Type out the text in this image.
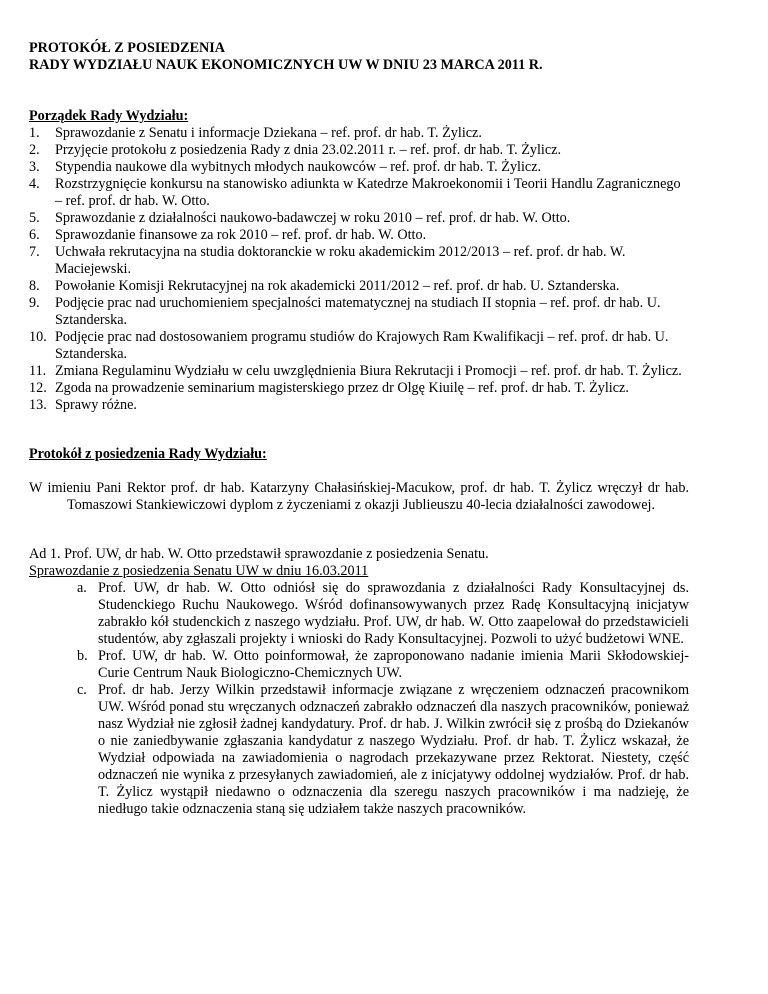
PROTOKÓŁ Z POSIEDZENIA

RADY WYDZIAŁU NAUK EKONOMICZNYCH UW W DNIU 23 MARCA 2011 R.

Porządek Rady Wydziału:

1.	Sprawozdanie z Senatu i informacje Dziekana – ref. prof. dr hab. T. Żylicz.
2.	Przyjęcie protokołu z posiedzenia Rady z dnia 23.02.2011 r. – ref. prof. dr hab. T. Żylicz.
3.	Stypendia naukowe dla wybitnych młodych naukowców – ref. prof. dr hab. T. Żylicz.
4.	Rozstrzygnięcie konkursu na stanowisko adiunkta w Katedrze Makroekonomii i Teorii Handlu Zagranicznego – ref. prof. dr hab. W. Otto.
5.	Sprawozdanie z działalności naukowo-badawczej w roku 2010 – ref. prof. dr hab. W. Otto.
6.	Sprawozdanie finansowe za rok 2010 – ref. prof. dr hab. W. Otto.
7.	Uchwała rekrutacyjna na studia doktoranckie w roku akademickim 2012/2013 – ref. prof. dr hab. W. Maciejewski.
8.	Powołanie Komisji Rekrutacyjnej na rok akademicki 2011/2012 – ref. prof. dr hab. U. Sztanderska.
9.	Podjęcie prac nad uruchomieniem specjalności matematycznej na studiach II stopnia – ref. prof. dr hab. U. Sztanderska.
10. Podjęcie prac nad dostosowaniem programu studiów do Krajowych Ram Kwalifikacji – ref. prof. dr hab. U. Sztanderska.
11. Zmiana Regulaminu Wydziału w celu uwzględnienia Biura Rekrutacji i Promocji – ref. prof. dr hab. T. Żylicz.
12. Zgoda na prowadzenie seminarium magisterskiego przez dr Olgę Kiuilę – ref. prof. dr hab. T. Żylicz.
13. Sprawy różne.

Protokół z posiedzenia Rady Wydziału:

W imieniu Pani Rektor prof. dr hab. Katarzyny Chałasińskiej-Macukow, prof. dr hab. T. Żylicz wręczył dr hab. Tomaszowi Stankiewiczowi dyplom z życzeniami z okazji Jublieuszu 40-lecia działalności zawodowej.

Ad 1. Prof. UW, dr hab. W. Otto przedstawił sprawozdanie z posiedzenia Senatu.

Sprawozdanie z posiedzenia Senatu UW w dniu 16.03.2011

a. Prof. UW, dr hab. W. Otto odniósł się do sprawozdania z działalności Rady Konsultacyjnej ds. Studenckiego Ruchu Naukowego. Wśród dofinansowywanych przez Radę Konsultacyjną inicjatyw zabrakło kół studenckich z naszego wydziału. Prof. UW, dr hab. W. Otto zaapelował do przedstawicieli studentów, aby zgłaszali projekty i wnioski do Rady Konsultacyjnej. Pozwoli to użyć budżetowi WNE.
b. Prof. UW, dr hab. W. Otto poinformował, że zaproponowano nadanie imienia Marii Skłodowskiej-Curie Centrum Nauk Biologiczno-Chemicznych UW.
c. Prof. dr hab. Jerzy Wilkin przedstawił informacje związane z wręczeniem odznaczeń pracownikom UW. Wśród ponad stu wręczanych odznaczeń zabrakło odznaczeń dla naszych pracowników, ponieważ nasz Wydział nie zgłosił żadnej kandydatury. Prof. dr hab. J. Wilkin zwrócił się z prośbą do Dziekanów o nie zaniedbywanie zgłaszania kandydatur z naszego Wydziału. Prof. dr hab. T. Żylicz wskazał, że Wydział odpowiada na zawiadomienia o nagrodach przekazywane przez Rektorat. Niestety, część odznaczeń nie wynika z przesyłanych zawiadomień, ale z inicjatywy oddolnej wydziałów. Prof. dr hab. T. Żylicz wystąpił niedawno o odznaczenia dla szeregu naszych pracowników i ma nadzieję, że niedługo takie odznaczenia staną się udziałem także naszych pracowników.
